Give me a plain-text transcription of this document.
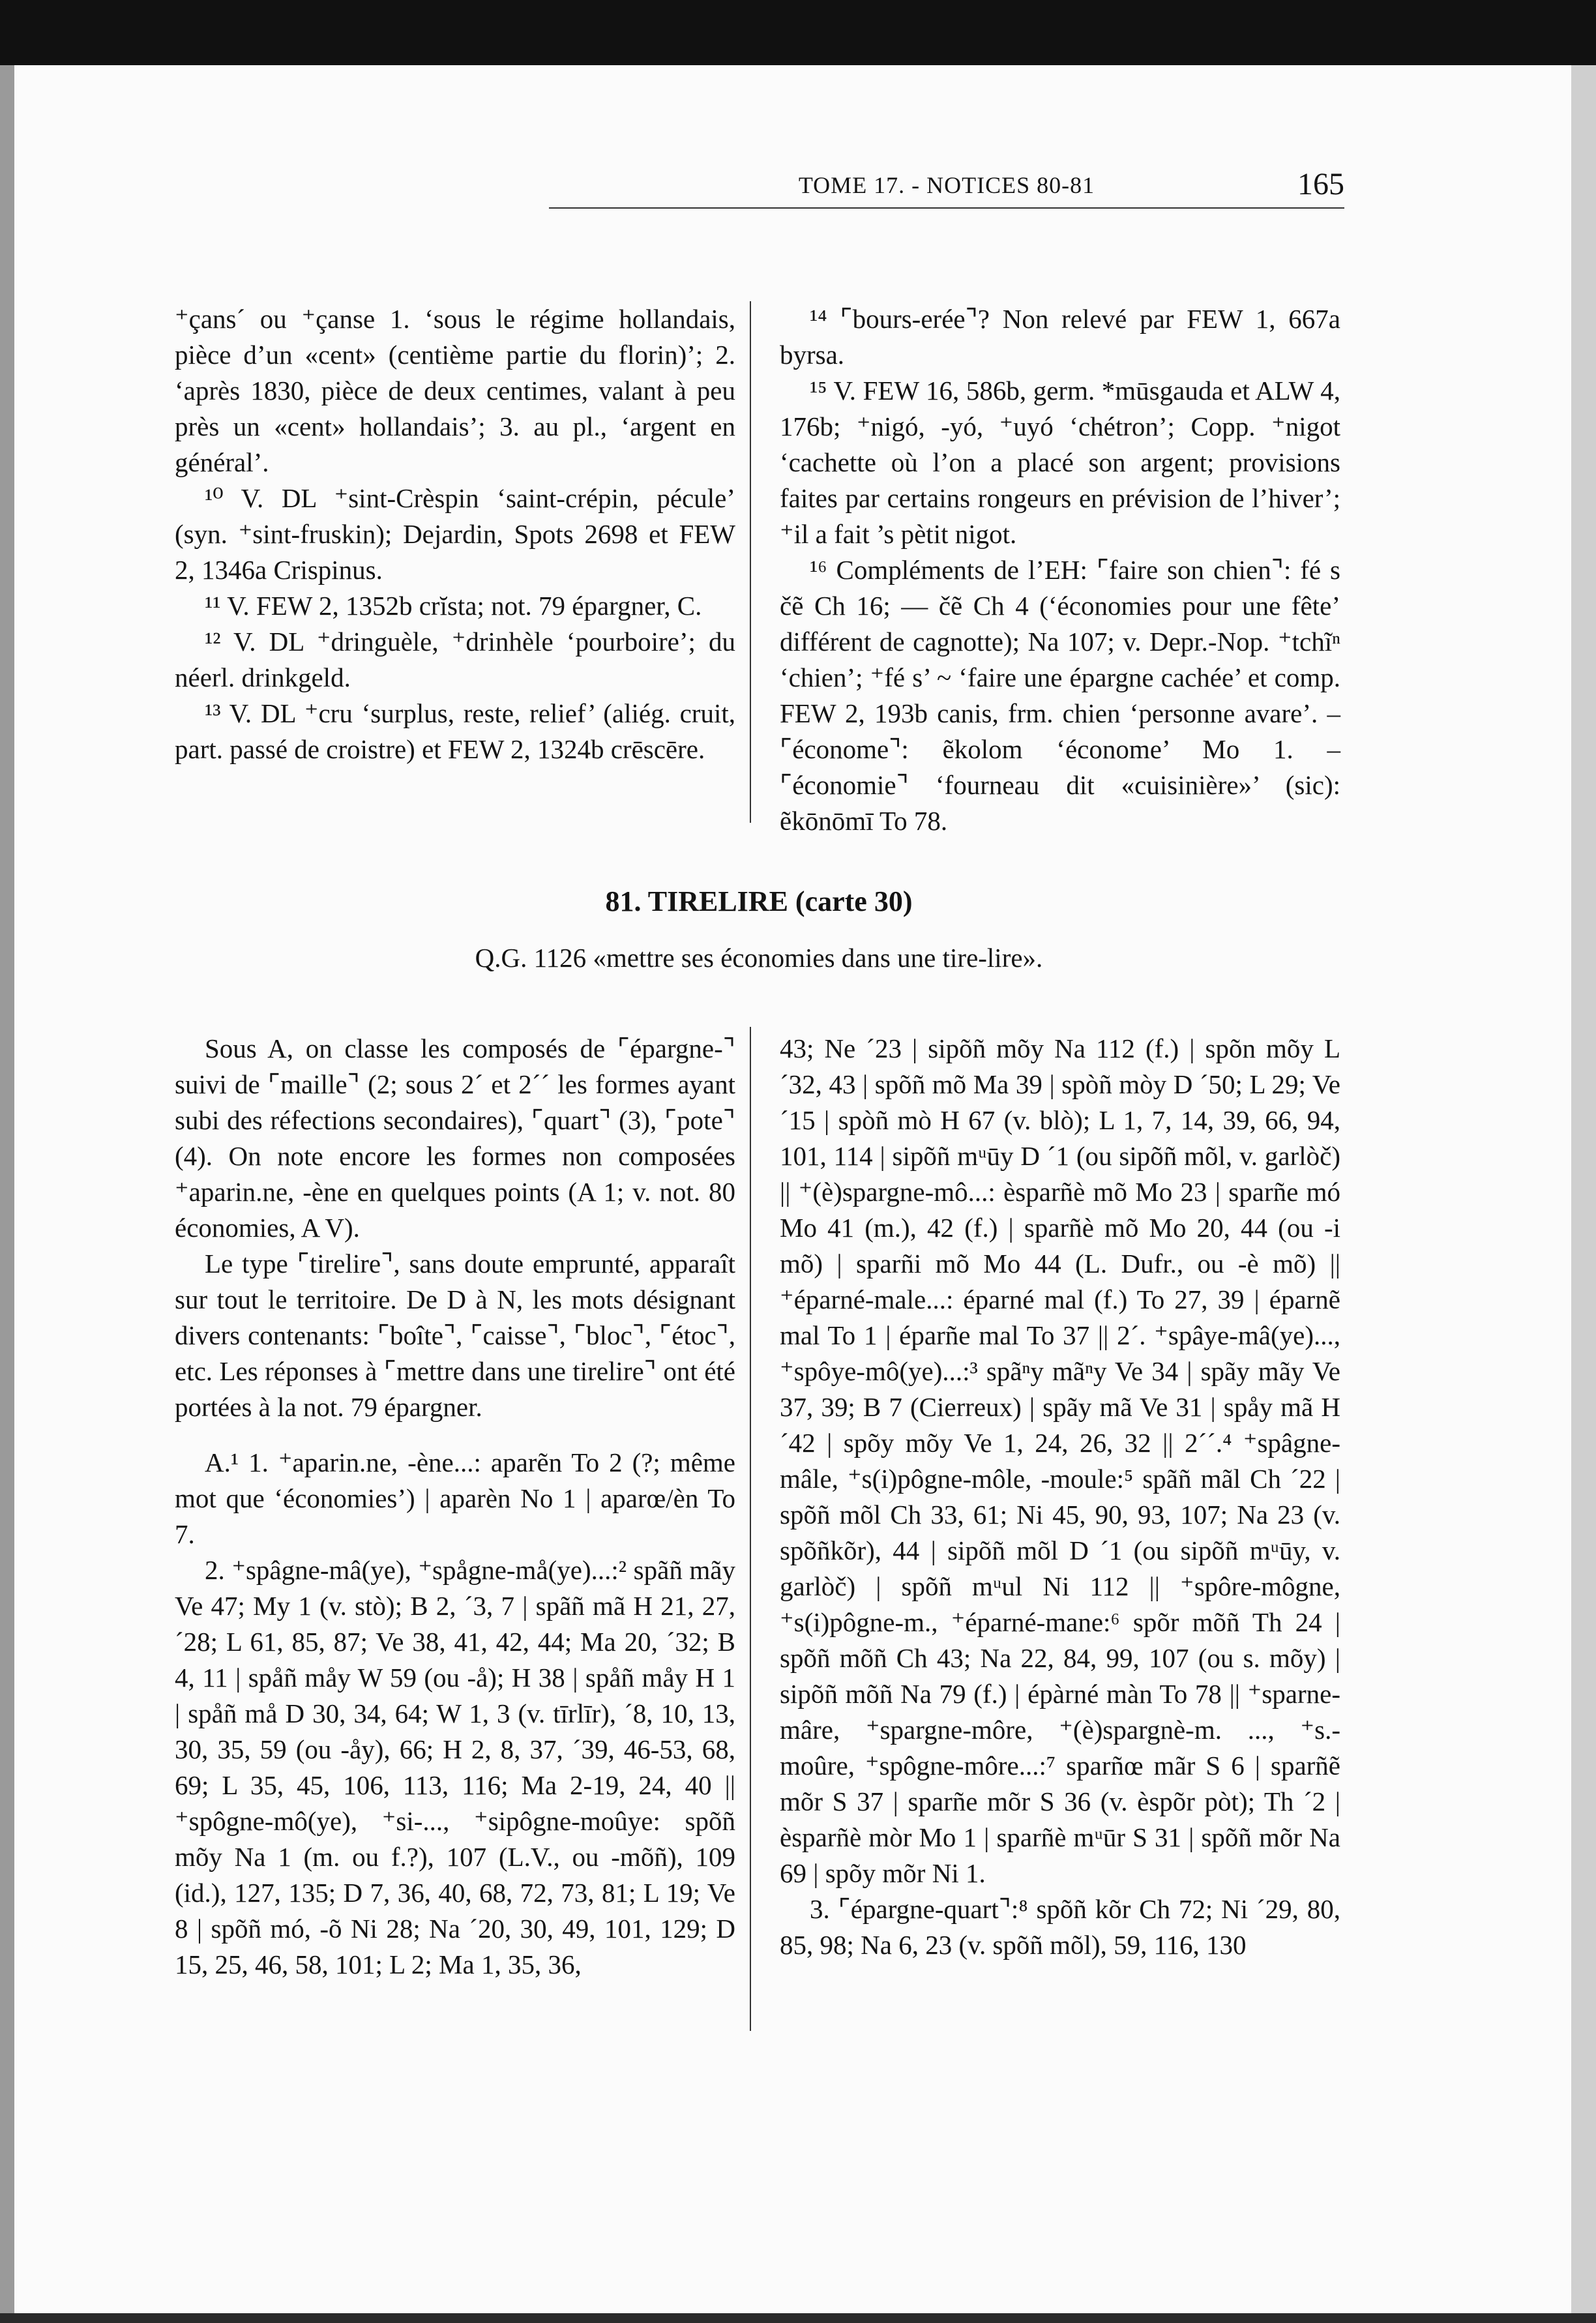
TOME 17. - NOTICES 80-81	165

⁺çans´ ou ⁺çanse 1. ‘sous le régime hollandais, pièce d’un «cent» (centième partie du florin)’; 2. ‘après 1830, pièce de deux centimes, valant à peu près un «cent» hollandais’; 3. au pl., ‘argent en général’.

¹⁰ V. DL ⁺sint-Crèspin ‘saint-crépin, pécule’ (syn. ⁺sint-fruskin); Dejardin, Spots 2698 et FEW 2, 1346a Crispinus.

¹¹ V. FEW 2, 1352b crĭsta; not. 79 épargner, C.

¹² V. DL ⁺dringuèle, ⁺drinhèle ‘pourboire’; du néerl. drinkgeld.

¹³ V. DL ⁺cru ‘surplus, reste, relief’ (aliég. cruit, part. passé de croistre) et FEW 2, 1324b crēscēre.

¹⁴ ⌜bours-erée⌝? Non relevé par FEW 1, 667a byrsa.

¹⁵ V. FEW 16, 586b, germ. *mūsgauda et ALW 4, 176b; ⁺nigó, -yó, ⁺uyó ‘chétron’; Copp. ⁺nigot ‘cachette où l’on a placé son argent; provisions faites par certains rongeurs en prévision de l’hiver’; ⁺il a fait ’s pètit nigot.

¹⁶ Compléments de l’EH: ⌜faire son chien⌝: fé s čẽ Ch 16; — čẽ Ch 4 (‘économies pour une fête’ différent de cagnotte); Na 107; v. Depr.-Nop. ⁺tchĩⁿ ‘chien’; ⁺fé s’ ~ ‘faire une épargne cachée’ et comp. FEW 2, 193b canis, frm. chien ‘personne avare’. – ⌜économe⌝: ẽkolom ‘économe’ Mo 1. – ⌜économie⌝ ‘fourneau dit «cuisinière»’ (sic): ẽkōnōmī To 78.

81. TIRELIRE (carte 30)
Q.G. 1126 «mettre ses économies dans une tire-lire».

Sous A, on classe les composés de ⌜épargne-⌝ suivi de ⌜maille⌝ (2; sous 2´ et 2´´ les formes ayant subi des réfections secondaires), ⌜quart⌝ (3), ⌜pote⌝ (4). On note encore les formes non composées ⁺aparin.ne, -ène en quelques points (A 1; v. not. 80 économies, A V).

Le type ⌜tirelire⌝, sans doute emprunté, apparaît sur tout le territoire. De D à N, les mots désignant divers contenants: ⌜boîte⌝, ⌜caisse⌝, ⌜bloc⌝, ⌜étoc⌝, etc. Les réponses à ⌜mettre dans une tirelire⌝ ont été portées à la not. 79 épargner.

A.¹ 1. ⁺aparin.ne, -ène...: aparẽn To 2 (?; même mot que ‘économies’) | aparèn No 1 | aparœ/èn To 7.

2. ⁺spâgne-mâ(ye), ⁺spågne-må(ye)...:² spãñ mãy Ve 47; My 1 (v. stò); B 2, ´3, 7 | spãñ mã H 21, 27, ´28; L 61, 85, 87; Ve 38, 41, 42, 44; Ma 20, ´32; B 4, 11 | spåñ måy W 59 (ou -å); H 38 | spåñ måy H 1 | spåñ må D 30, 34, 64; W 1, 3 (v. tīrlīr), ´8, 10, 13, 30, 35, 59 (ou -åy), 66; H 2, 8, 37, ´39, 46-53, 68, 69; L 35, 45, 106, 113, 116; Ma 2-19, 24, 40 || ⁺spôgne-mô(ye), ⁺si-..., ⁺sipôgne-moûye: spõñ mõy Na 1 (m. ou f.?), 107 (L.V., ou -mõñ), 109 (id.), 127, 135; D 7, 36, 40, 68, 72, 73, 81; L 19; Ve 8 | spõñ mó, -õ Ni 28; Na ´20, 30, 49, 101, 129; D 15, 25, 46, 58, 101; L 2; Ma 1, 35, 36,

43; Ne ´23 | sipõñ mõy Na 112 (f.) | spõn mõy L ´32, 43 | spõñ mõ Ma 39 | spòñ mòy D ´50; L 29; Ve ´15 | spòñ mò H 67 (v. blò); L 1, 7, 14, 39, 66, 94, 101, 114 | sipõñ mᵘūy D ´1 (ou sipõñ mõl, v. garlòč) || ⁺(è)spargne-mô...: èsparñè mõ Mo 23 | sparñe mó Mo 41 (m.), 42 (f.) | sparñè mõ Mo 20, 44 (ou -i mõ) | sparñi mõ Mo 44 (L. Dufr., ou -è mõ) || ⁺éparné-male...: éparné mal (f.) To 27, 39 | éparnẽ mal To 1 | éparñe mal To 37 || 2´. ⁺spâye-mâ(ye)..., ⁺spôye-mô(ye)...:³ spãⁿy mãⁿy Ve 34 | spãy mãy Ve 37, 39; B 7 (Cierreux) | spãy mã Ve 31 | spåy mã H ´42 | spõy mõy Ve 1, 24, 26, 32 || 2´´.⁴ ⁺spâgne-mâle, ⁺s(i)pôgne-môle, -moule:⁵ spãñ mãl Ch ´22 | spõñ mõl Ch 33, 61; Ni 45, 90, 93, 107; Na 23 (v. spõñkõr), 44 | sipõñ mõl D ´1 (ou sipõñ mᵘūy, v. garlòč) | spõñ mᵘul Ni 112 || ⁺spôre-môgne, ⁺s(i)pôgne-m., ⁺éparné-mane:⁶ spõr mõñ Th 24 | spõñ mõñ Ch 43; Na 22, 84, 99, 107 (ou s. mõy) | sipõñ mõñ Na 79 (f.) | épàrné màn To 78 || ⁺sparne-mâre, ⁺spargne-môre, ⁺(è)spargnè-m. ..., ⁺s.- moûre, ⁺spôgne-môre...:⁷ sparñœ mãr S 6 | sparñẽ mõr S 37 | sparñe mõr S 36 (v. èspõr pòt); Th ´2 | èsparñè mòr Mo 1 | sparñè mᵘūr S 31 | spõñ mõr Na 69 | spõy mõr Ni 1.

3. ⌜épargne-quart⌝:⁸ spõñ kõr Ch 72; Ni ´29, 80, 85, 98; Na 6, 23 (v. spõñ mõl), 59, 116, 130
